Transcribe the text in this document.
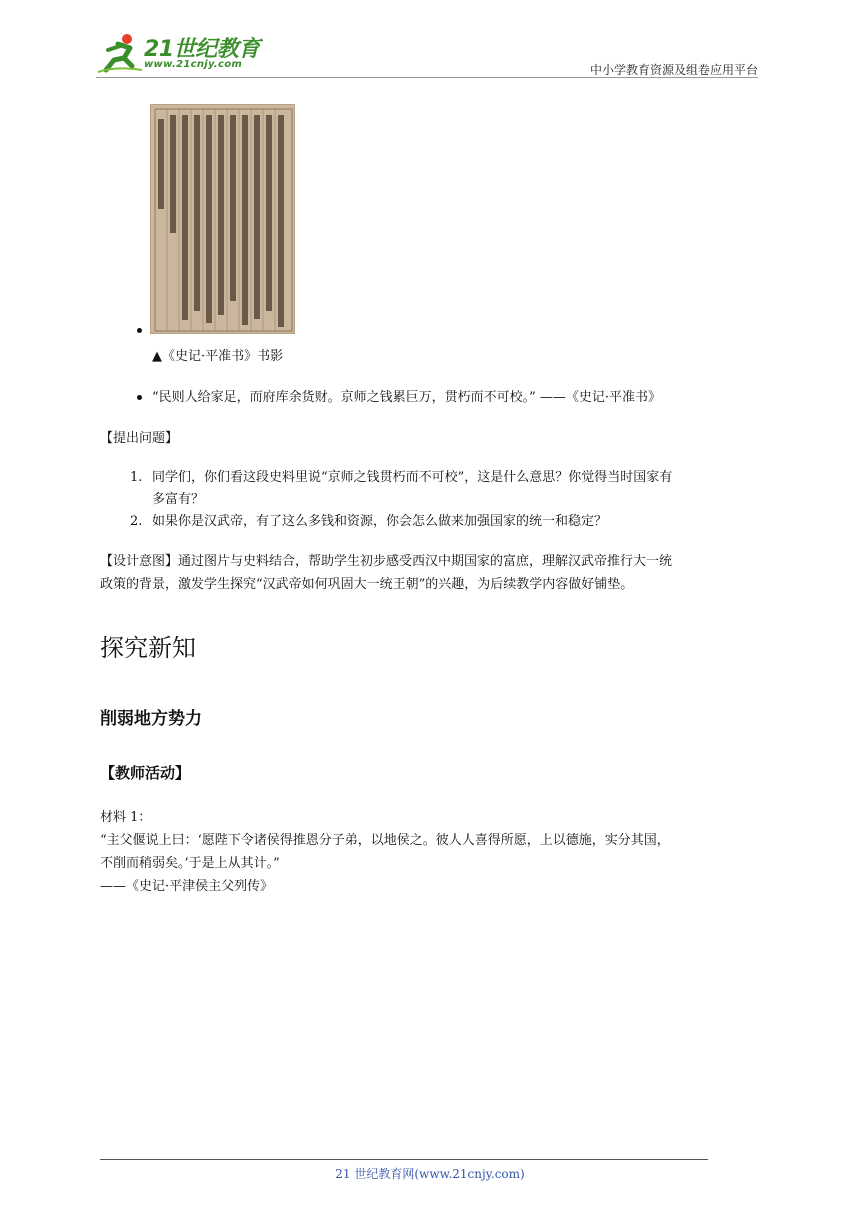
21世纪教育
www.21cnjy.com	中小学教育资源及组卷应用平台
▲《史记·平准书》书影
“民则人给家足，而府库余货财。京师之钱累巨万，贯朽而不可校。” ——《史记·平准书》
【提出问题】
1. 同学们，你们看这段史料里说“京师之钱贯朽而不可校”，这是什么意思？你觉得当时国家有
多富有？
2. 如果你是汉武帝，有了这么多钱和资源，你会怎么做来加强国家的统一和稳定？
【设计意图】通过图片与史料结合，帮助学生初步感受西汉中期国家的富庶，理解汉武帝推行大一统
政策的背景，激发学生探究“汉武帝如何巩固大一统王朝”的兴趣，为后续教学内容做好铺垫。
探究新知
削弱地方势力
【教师活动】
材料 1：
“主父偃说上曰：‘愿陛下令诸侯得推恩分子弟，以地侯之。彼人人喜得所愿，上以德施，实分其国，
不削而稍弱矣。’于是上从其计。”
——《史记·平津侯主父列传》
21 世纪教育网(www.21cnjy.com)
